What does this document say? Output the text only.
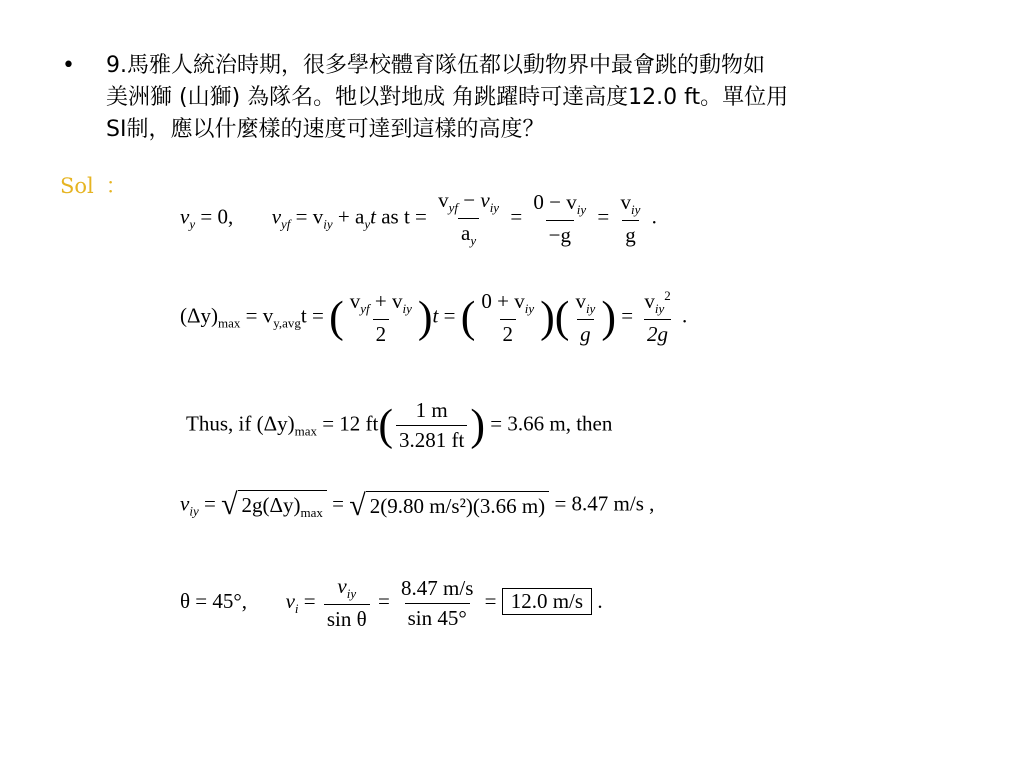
•	9.馬雅人統治時期，很多學校體育隊伍都以動物界中最會跳的動物如
美洲獅 (山獅) 為隊名。牠以對地成 角跳躍時可達高度12.0 ft。單位用
SI制，應以什麼樣的速度可達到這樣的高度？
Sol ：
$v_y = 0$, $v_{yf} = v_{iy} + a_yt$ as $t = \frac{v_{yf} - v_{iy}}{a_y} = \frac{0 - v_{iy}}{-g} = \frac{v_{iy}}{g}$ .
$(\Delta y)_{max} = v_{y,avg}t$ = ( $\frac{v_{yf} + v_{iy}}{2} )t$ = ( $\frac{0 + v_{iy}}{2}$ )( $\frac{v_{iy}}{g}$ ) = $\frac{v_{iy}^2}{2g}$ .
Thus, if $(\Delta y)_{max} = 12$ $ft( \frac{1 m}{3.281 ft}$ ) = 3.66 m, then
$v_{iy}$ = √ $2g(\Delta y)_{max}$ = √ 2(9.80 m/s²)(3.66 m) = 8.47 m/s ,
θ = 45°, $v_i = \frac{v_{iy}}{\text{sin θ}} = \frac{8.47 m/s}{\sin 45^\circ} = 12.0$ m/s .
